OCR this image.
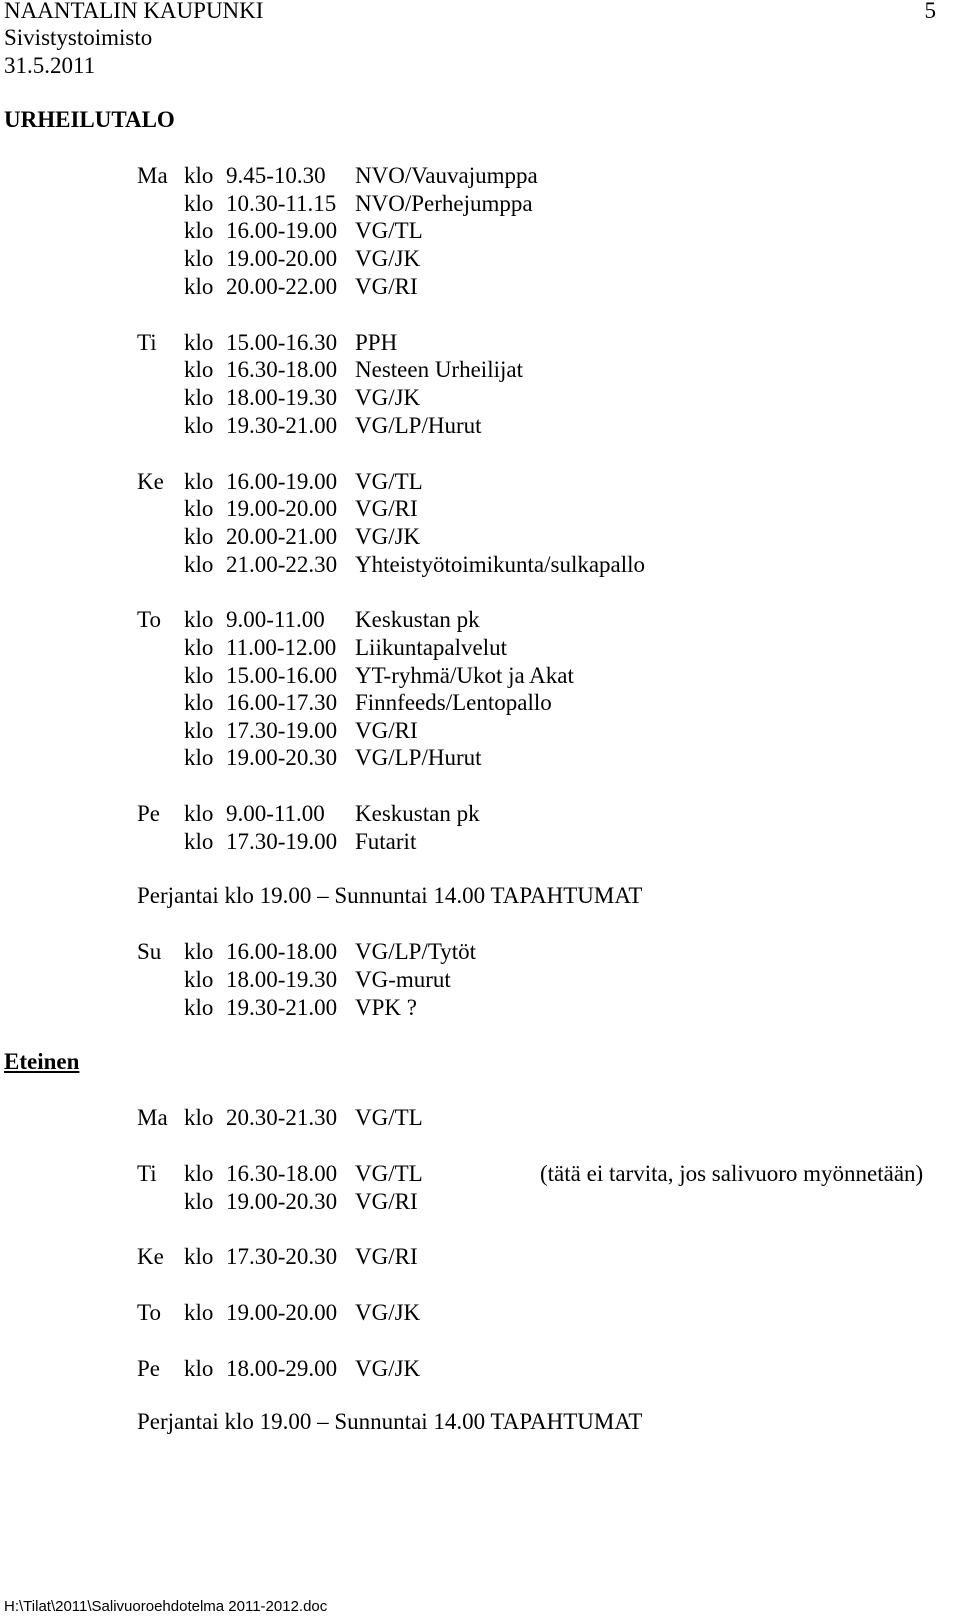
NAANTALIN KAUPUNKI
Sivistystoimisto
31.5.2011
5
URHEILUTALO
Ma klo 9.45-10.30 NVO/Vauvajumppa
klo 10.30-11.15 NVO/Perhejumppa
klo 16.00-19.00 VG/TL
klo 19.00-20.00 VG/JK
klo 20.00-22.00 VG/RI
Ti klo 15.00-16.30 PPH
klo 16.30-18.00 Nesteen Urheilijat
klo 18.00-19.30 VG/JK
klo 19.30-21.00 VG/LP/Hurut
Ke klo 16.00-19.00 VG/TL
klo 19.00-20.00 VG/RI
klo 20.00-21.00 VG/JK
klo 21.00-22.30 Yhteistyötoimikunta/sulkapallo
To klo 9.00-11.00 Keskustan pk
klo 11.00-12.00 Liikuntapalvelut
klo 15.00-16.00 YT-ryhmä/Ukot ja Akat
klo 16.00-17.30 Finnfeeds/Lentopallo
klo 17.30-19.00 VG/RI
klo 19.00-20.30 VG/LP/Hurut
Pe klo 9.00-11.00 Keskustan pk
klo 17.30-19.00 Futarit
Su klo 16.00-18.00 VG/LP/Tytöt
klo 18.00-19.30 VG-murut
klo 19.30-21.00 VPK ?
Perjantai klo 19.00 – Sunnuntai 14.00 TAPAHTUMAT
Eteinen
Ma klo 20.30-21.30 VG/TL
Ti klo 16.30-18.00 VG/TL	(tätä ei tarvita, jos salivuoro myönnetään)
klo 19.00-20.30 VG/RI
Ke klo 17.30-20.30 VG/RI
To klo 19.00-20.00 VG/JK
Pe klo 18.00-29.00 VG/JK
Perjantai klo 19.00 – Sunnuntai 14.00 TAPAHTUMAT
H:\Tilat\2011\Salivuoroehdotelma 2011-2012.doc
